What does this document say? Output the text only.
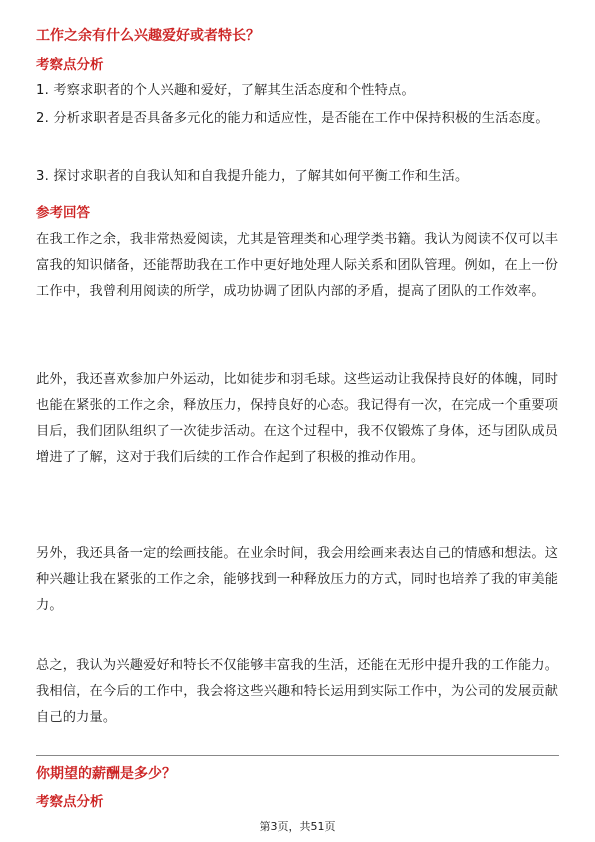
工作之余有什么兴趣爱好或者特长？
考察点分析
1. 考察求职者的个人兴趣和爱好，了解其生活态度和个性特点。
2. 分析求职者是否具备多元化的能力和适应性，是否能在工作中保持积极的生活态度。
3. 探讨求职者的自我认知和自我提升能力，了解其如何平衡工作和生活。
参考回答
在我工作之余，我非常热爱阅读，尤其是管理类和心理学类书籍。我认为阅读不仅可以丰富我的知识储备，还能帮助我在工作中更好地处理人际关系和团队管理。例如，在上一份工作中，我曾利用阅读的所学，成功协调了团队内部的矛盾，提高了团队的工作效率。
此外，我还喜欢参加户外运动，比如徒步和羽毛球。这些运动让我保持良好的体魄，同时也能在紧张的工作之余，释放压力，保持良好的心态。我记得有一次，在完成一个重要项目后，我们团队组织了一次徒步活动。在这个过程中，我不仅锻炼了身体，还与团队成员增进了了解，这对于我们后续的工作合作起到了积极的推动作用。
另外，我还具备一定的绘画技能。在业余时间，我会用绘画来表达自己的情感和想法。这种兴趣让我在紧张的工作之余，能够找到一种释放压力的方式，同时也培养了我的审美能力。
总之，我认为兴趣爱好和特长不仅能够丰富我的生活，还能在无形中提升我的工作能力。我相信，在今后的工作中，我会将这些兴趣和特长运用到实际工作中，为公司的发展贡献自己的力量。
你期望的薪酬是多少？
考察点分析
第3页，共51页
